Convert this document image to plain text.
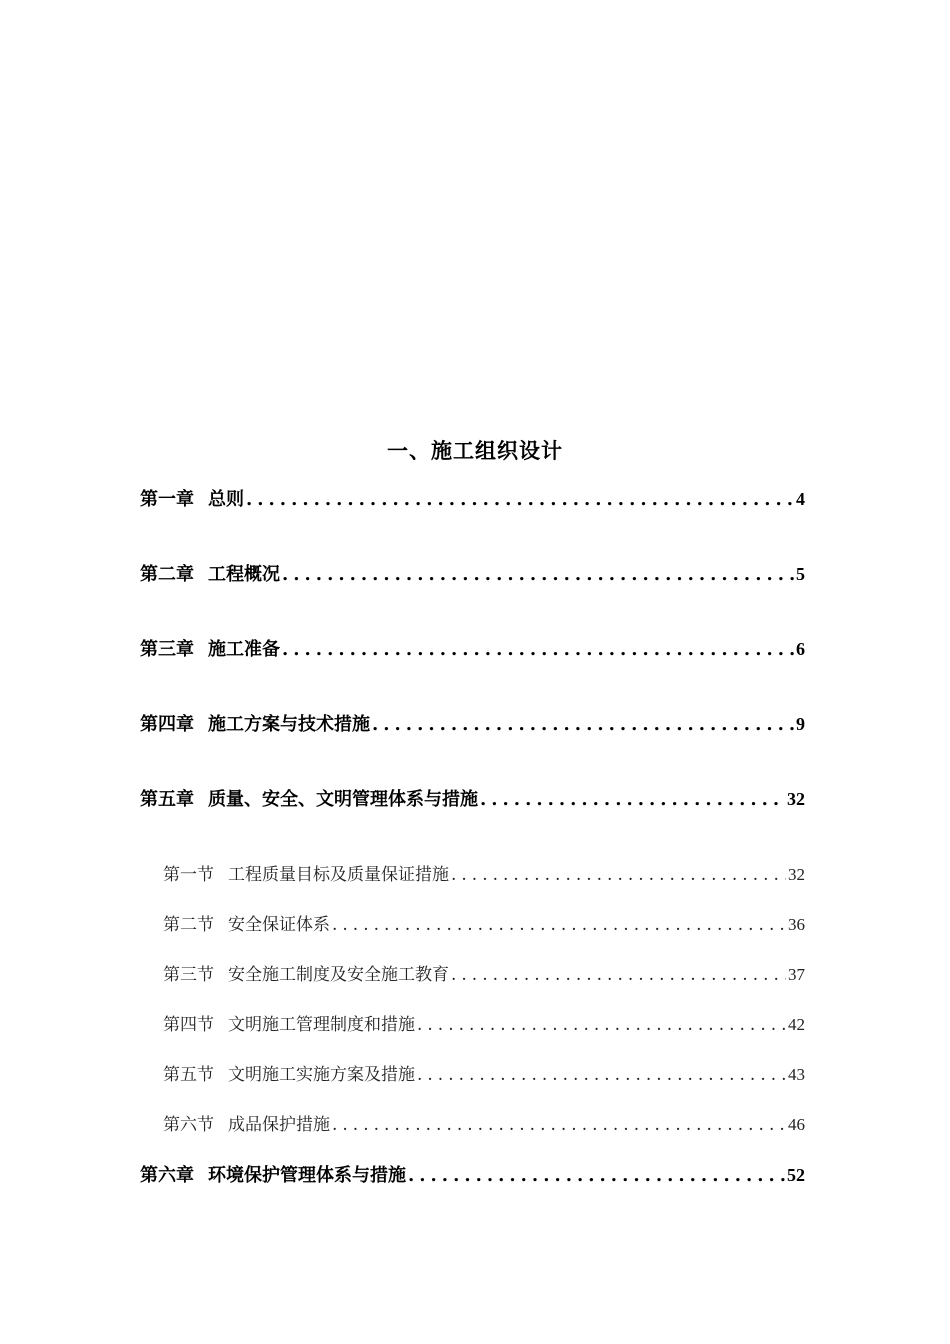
一、施工组织设计
第一章 总则 .....	4
第二章 工程概况 .....	5
第三章 施工准备 .....	6
第四章 施工方案与技术措施 .....	9
第五章 质量、安全、文明管理体系与措施 .....	32
第一节 工程质量目标及质量保证措施 .....	32
第二节 安全保证体系 .....	36
第三节 安全施工制度及安全施工教育 .....	37
第四节 文明施工管理制度和措施 .....	42
第五节 文明施工实施方案及措施 .....	43
第六节 成品保护措施 .....	46
第六章 环境保护管理体系与措施 .....	52
